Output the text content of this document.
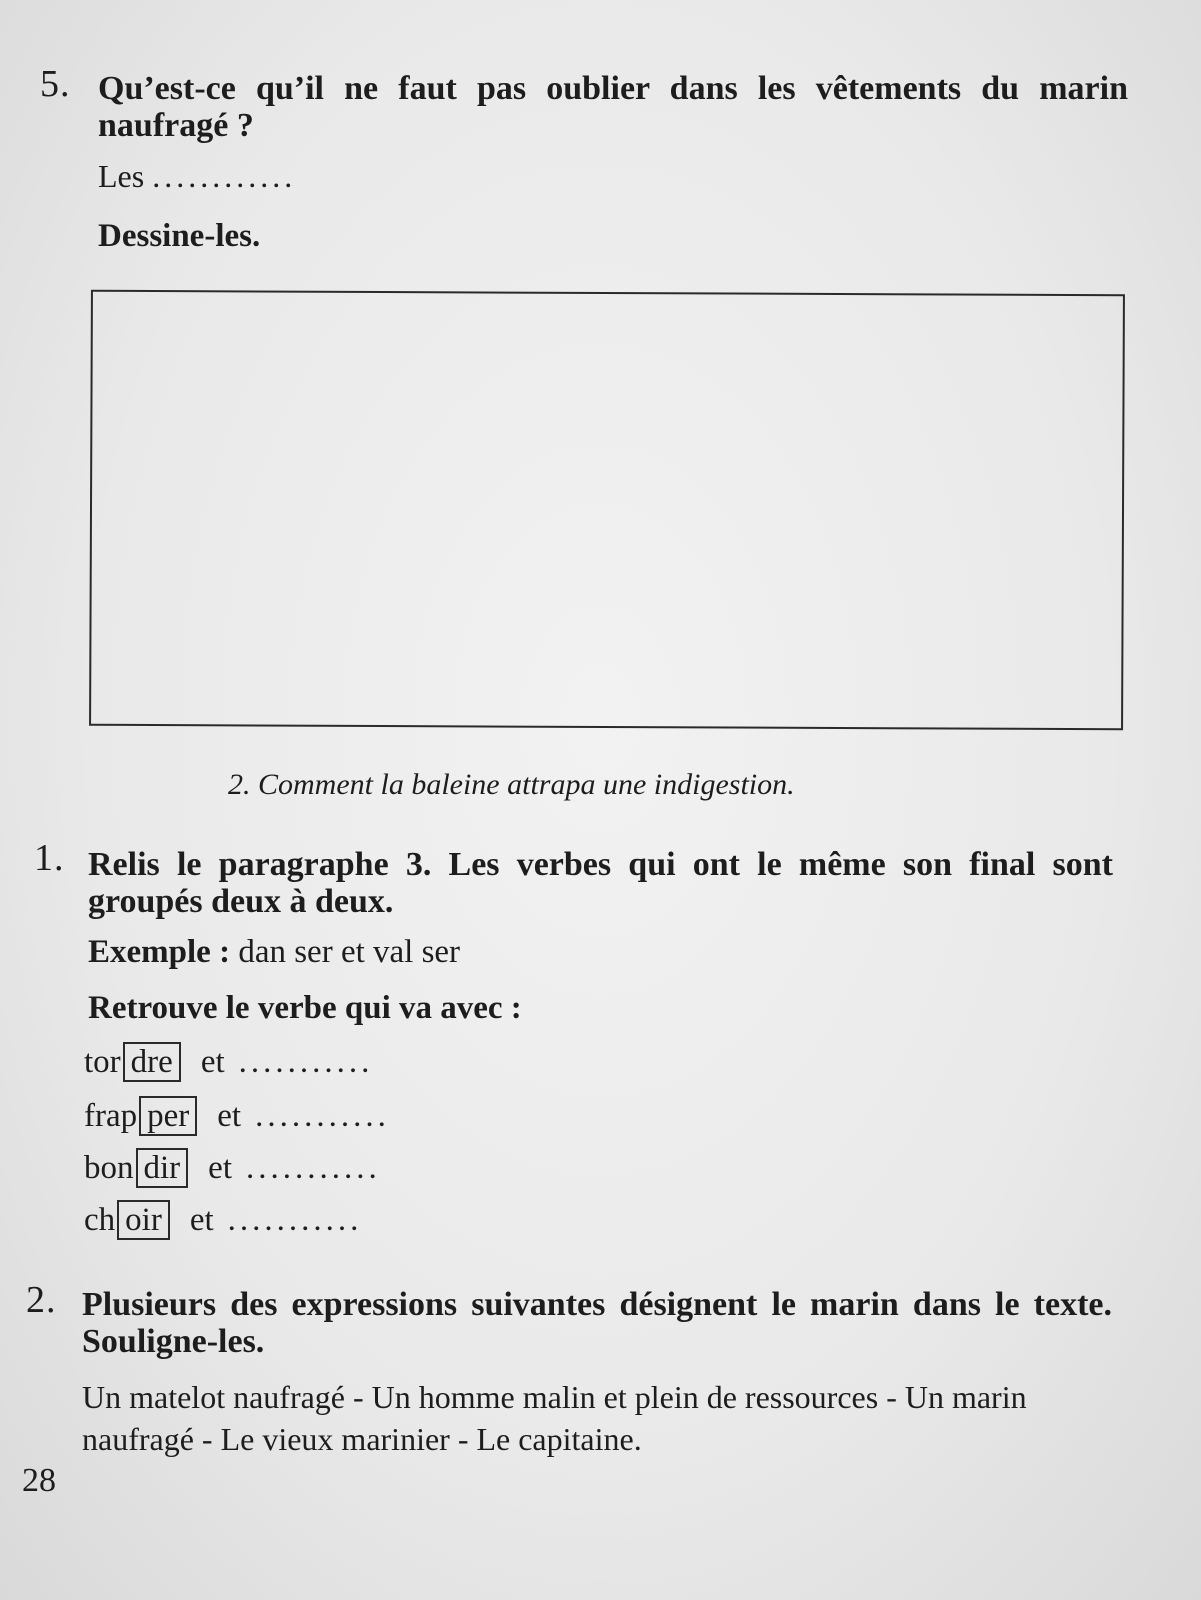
5. Qu’est-ce qu’il ne faut pas oublier dans les vêtements du marin naufragé ?
Les ............
Dessine-les.
2. Comment la baleine attrapa une indigestion.
1. Relis le paragraphe 3. Les verbes qui ont le même son final sont groupés deux à deux.
Exemple : dan ser et val ser
Retrouve le verbe qui va avec :
tor dre et ...........
frap per et ...........
bon dir et ...........
ch oir et ...........
2. Plusieurs des expressions suivantes désignent le marin dans le texte. Souligne-les.
Un matelot naufragé - Un homme malin et plein de ressources - Un marin naufragé - Le vieux marinier - Le capitaine.
28
